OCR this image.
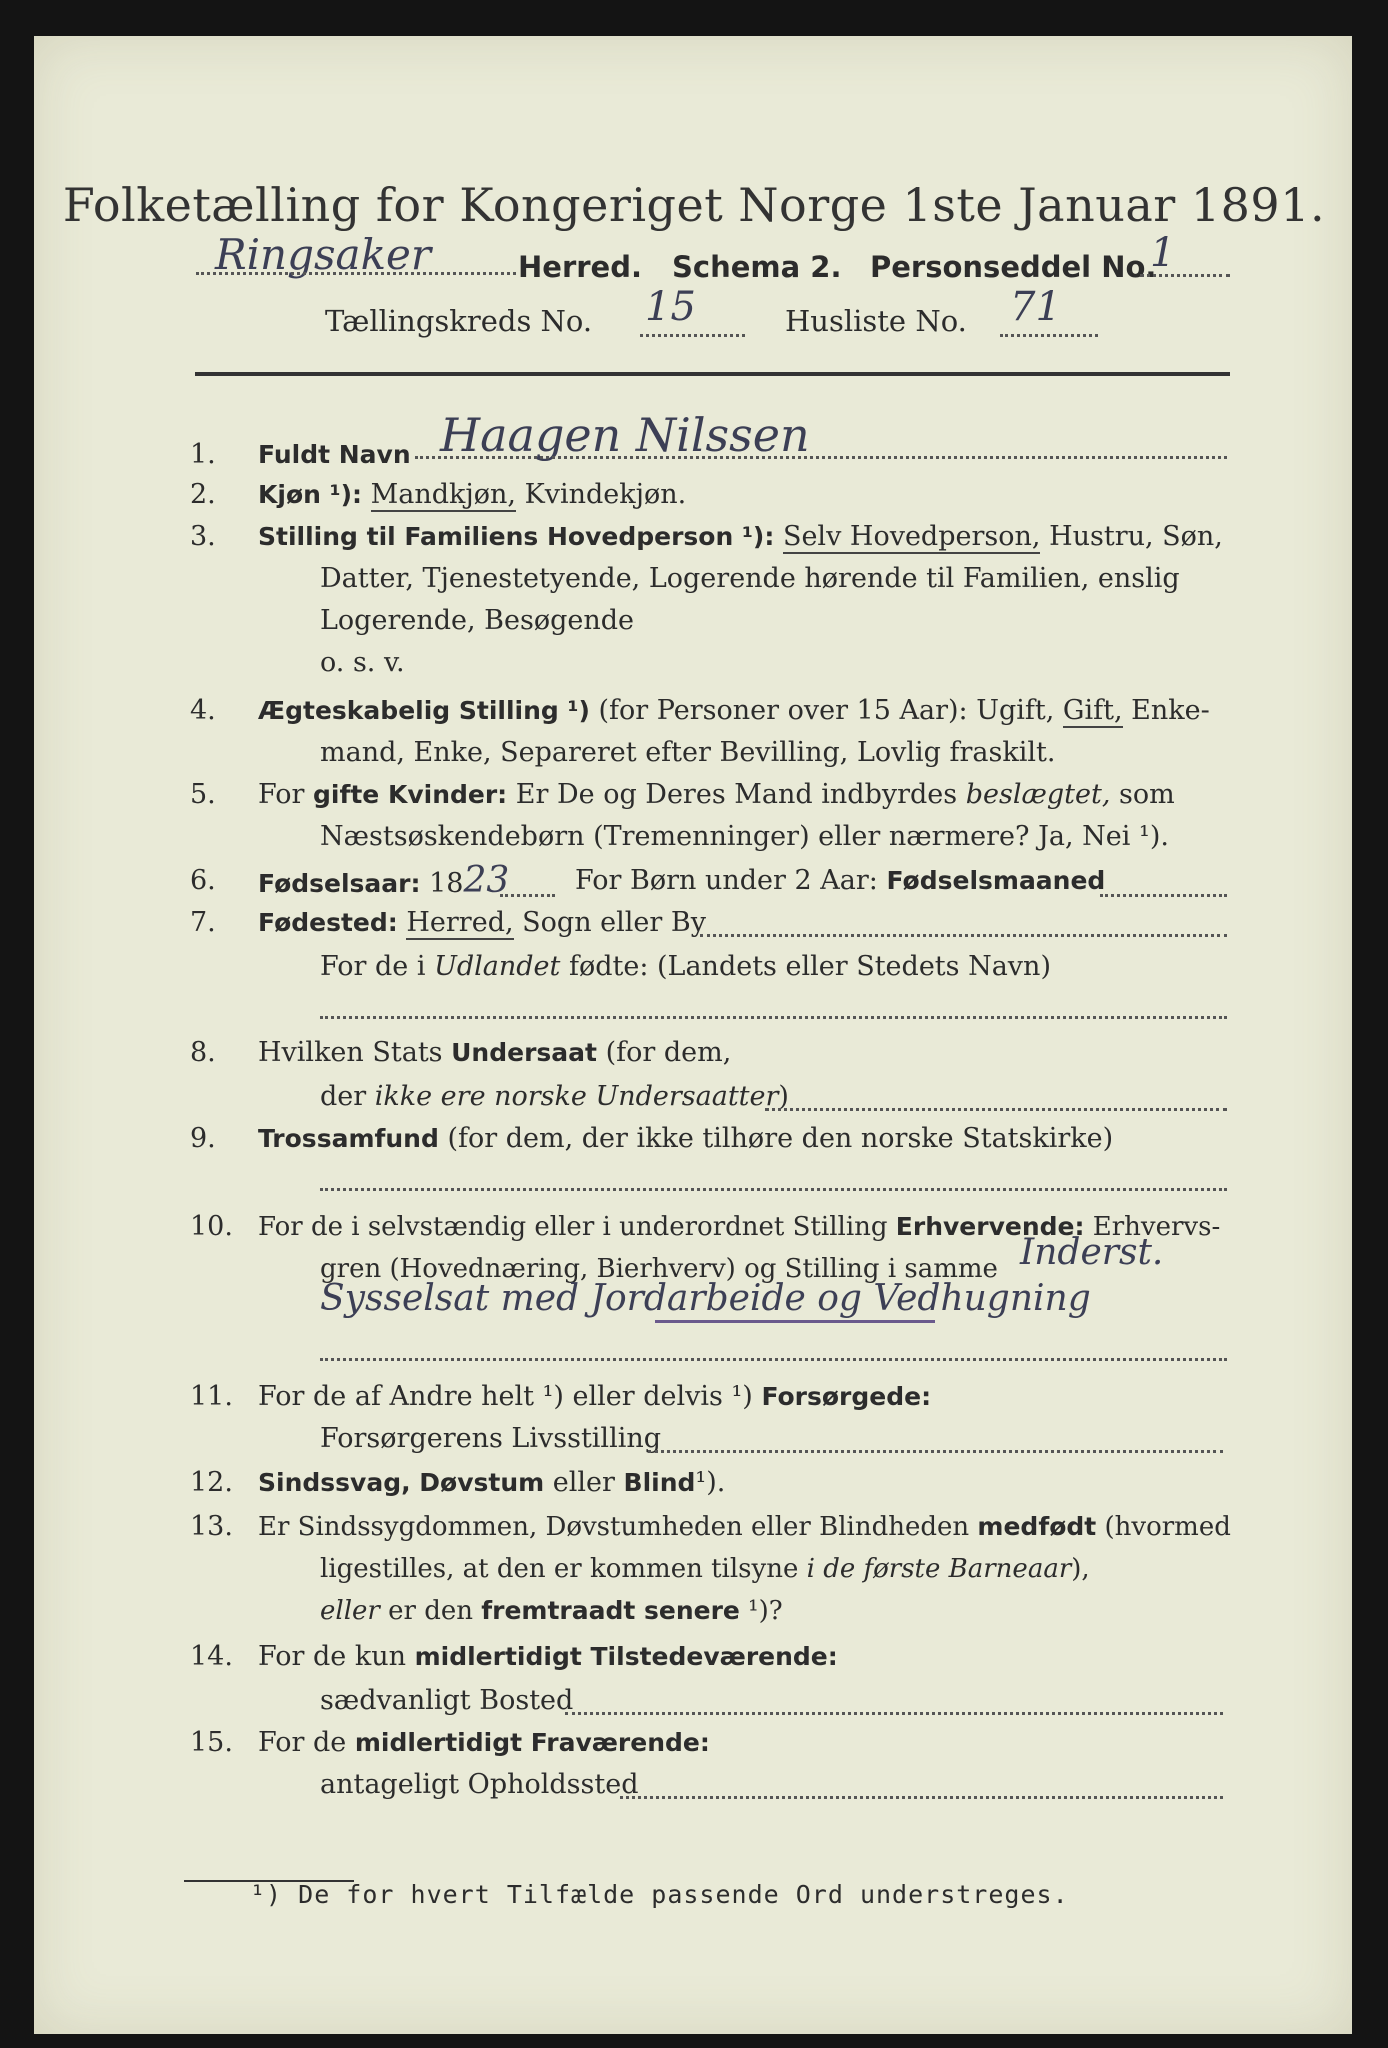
Folketælling for Kongeriget Norge 1ste Januar 1891.
Ringsaker	Herred. Schema 2. Personseddel No.
1
Tællingskreds No. 15	Husliste No. 71
1. Fuldt Navn Haagen Nilssen
2. Kjøn ¹): Mandkjøn, Kvindekjøn.
3. Stilling til Familiens Hovedperson ¹): Selv Hovedperson, Hustru, Søn,
Datter, Tjenestetyende, Logerende hørende til Familien, enslig
Logerende, Besøgende
o. s. v.
4. Ægteskabelig Stilling ¹) (for Personer over 15 Aar): Ugift, Gift, Enke-
mand, Enke, Separeret efter Bevilling, Lovlig fraskilt.
5. For gifte Kvinder: Er De og Deres Mand indbyrdes beslægtet, som
Næstsøskendebørn (Tremenninger) eller nærmere? Ja, Nei ¹).
6. Fødselsaar: 1823 For Børn under 2 Aar: Fødselsmaaned
7. Fødested: Herred, Sogn eller By
For de i Udlandet fødte: (Landets eller Stedets Navn)
8. Hvilken Stats Undersaat (for dem,
der ikke ere norske Undersaatter)
9. Trossamfund (for dem, der ikke tilhøre den norske Statskirke)
10. For de i selvstændig eller i underordnet Stilling Erhvervende: Erhvervs-
gren (Hovednæring, Bierhverv) og Stilling i samme Inderst.
Sysselsat med Jordarbeide og Vedhugning
11. For de af Andre helt ¹) eller delvis ¹) Forsørgede:
Forsørgerens Livsstilling
12. Sindssvag, Døvstum eller Blind¹).
13. Er Sindssygdommen, Døvstumheden eller Blindheden medfødt (hvormed
ligestilles, at den er kommen tilsyne i de første Barneaar),
eller er den fremtraadt senere ¹)?
14. For de kun midlertidigt Tilstedeværende:
sædvanligt Bosted
15. For de midlertidigt Fraværende:
antageligt Opholdssted
¹) De for hvert Tilfælde passende Ord understreges.
